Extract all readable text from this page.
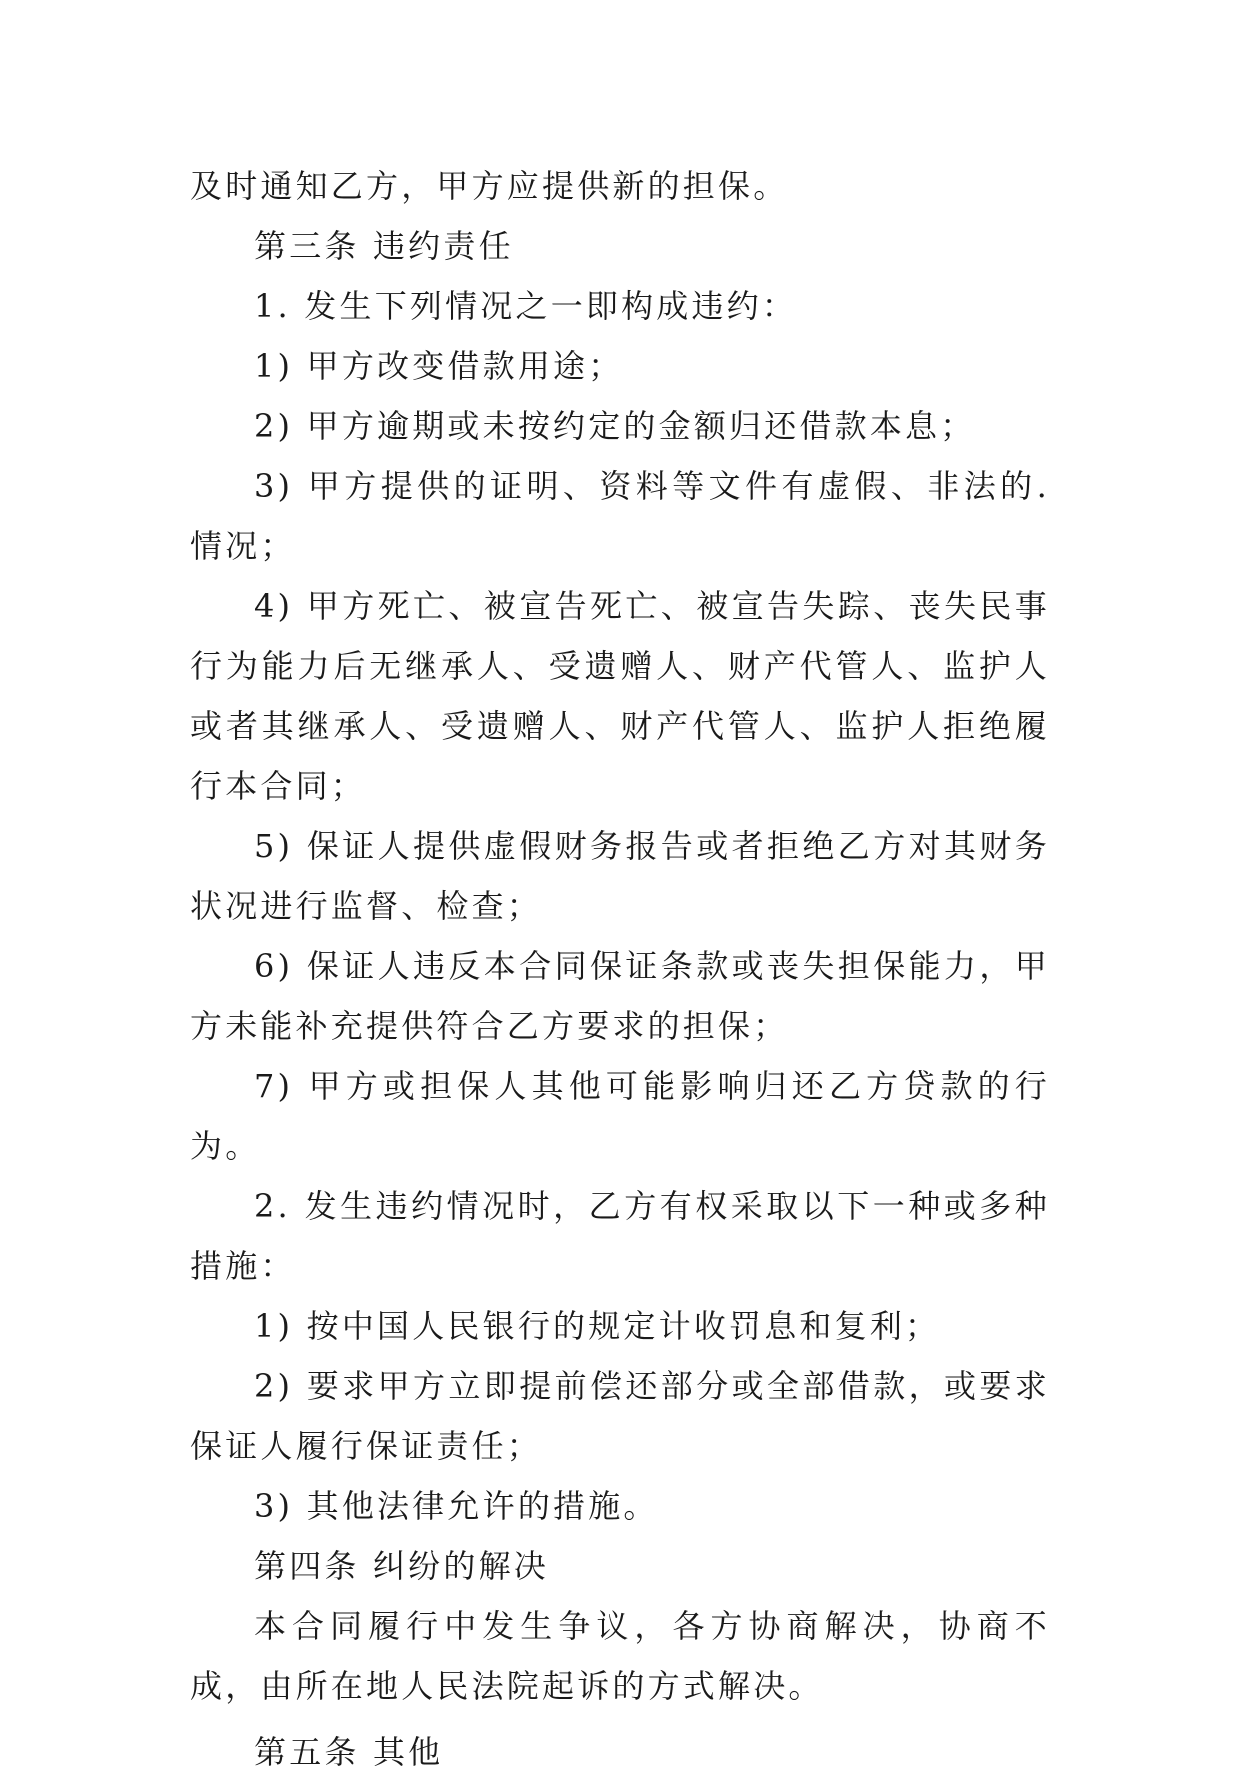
及时通知乙方，甲方应提供新的担保。

第三条 违约责任

1. 发生下列情况之一即构成违约：

1) 甲方改变借款用途；

2) 甲方逾期或未按约定的金额归还借款本息；

3) 甲方提供的证明、资料等文件有虚假、非法的.情况；

4) 甲方死亡、被宣告死亡、被宣告失踪、丧失民事行为能力后无继承人、受遗赠人、财产代管人、监护人或者其继承人、受遗赠人、财产代管人、监护人拒绝履行本合同；

5) 保证人提供虚假财务报告或者拒绝乙方对其财务状况进行监督、检查；

6) 保证人违反本合同保证条款或丧失担保能力，甲方未能补充提供符合乙方要求的担保；

7) 甲方或担保人其他可能影响归还乙方贷款的行为。

2. 发生违约情况时，乙方有权采取以下一种或多种措施：

1) 按中国人民银行的规定计收罚息和复利；

2) 要求甲方立即提前偿还部分或全部借款，或要求保证人履行保证责任；

3) 其他法律允许的措施。

第四条 纠纷的解决

本合同履行中发生争议，各方协商解决，协商不成，由所在地人民法院起诉的方式解决。

第五条 其他
